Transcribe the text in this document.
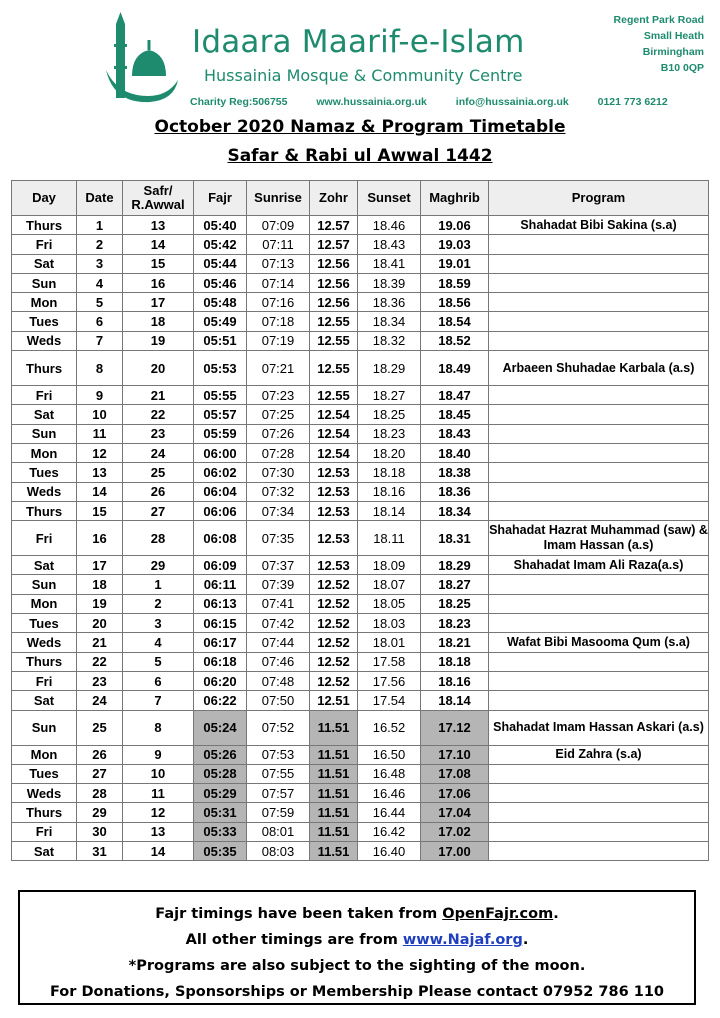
Idaara Maarif-e-Islam
Hussainia Mosque & Community Centre
Regent Park Road
Small Heath
Birmingham
B10 0QP
Charity Reg:506755	www.hussainia.org.uk	info@hussainia.org.uk	0121 773 6212
October 2020 Namaz & Program Timetable
Safar & Rabi ul Awwal 1442
Day	Date	Safr/ R.Awwal	Fajr	Sunrise	Zohr	Sunset	Maghrib	Program
Thurs	1	13	05:40	07:09	12.57	18.46	19.06	Shahadat Bibi Sakina (s.a)
Fri	2	14	05:42	07:11	12.57	18.43	19.03	
Sat	3	15	05:44	07:13	12.56	18.41	19.01	
Sun	4	16	05:46	07:14	12.56	18.39	18.59	
Mon	5	17	05:48	07:16	12.56	18.36	18.56	
Tues	6	18	05:49	07:18	12.55	18.34	18.54	
Weds	7	19	05:51	07:19	12.55	18.32	18.52	
Thurs	8	20	05:53	07:21	12.55	18.29	18.49	Arbaeen Shuhadae Karbala (a.s)
Fri	9	21	05:55	07:23	12.55	18.27	18.47	
Sat	10	22	05:57	07:25	12.54	18.25	18.45	
Sun	11	23	05:59	07:26	12.54	18.23	18.43	
Mon	12	24	06:00	07:28	12.54	18.20	18.40	
Tues	13	25	06:02	07:30	12.53	18.18	18.38	
Weds	14	26	06:04	07:32	12.53	18.16	18.36	
Thurs	15	27	06:06	07:34	12.53	18.14	18.34	
Fri	16	28	06:08	07:35	12.53	18.11	18.31	Shahadat Hazrat Muhammad (saw) & Imam Hassan (a.s)
Sat	17	29	06:09	07:37	12.53	18.09	18.29	Shahadat Imam Ali Raza(a.s)
Sun	18	1	06:11	07:39	12.52	18.07	18.27	
Mon	19	2	06:13	07:41	12.52	18.05	18.25	
Tues	20	3	06:15	07:42	12.52	18.03	18.23	
Weds	21	4	06:17	07:44	12.52	18.01	18.21	Wafat Bibi Masooma Qum (s.a)
Thurs	22	5	06:18	07:46	12.52	17.58	18.18	
Fri	23	6	06:20	07:48	12.52	17.56	18.16	
Sat	24	7	06:22	07:50	12.51	17.54	18.14	
Sun	25	8	05:24	07:52	11.51	16.52	17.12	Shahadat Imam Hassan Askari (a.s)
Mon	26	9	05:26	07:53	11.51	16.50	17.10	Eid Zahra (s.a)
Tues	27	10	05:28	07:55	11.51	16.48	17.08	
Weds	28	11	05:29	07:57	11.51	16.46	17.06	
Thurs	29	12	05:31	07:59	11.51	16.44	17.04	
Fri	30	13	05:33	08:01	11.51	16.42	17.02	
Sat	31	14	05:35	08:03	11.51	16.40	17.00	
Fajr timings have been taken from OpenFajr.com.
All other timings are from www.Najaf.org.
*Programs are also subject to the sighting of the moon.
For Donations, Sponsorships or Membership Please contact 07952 786 110
